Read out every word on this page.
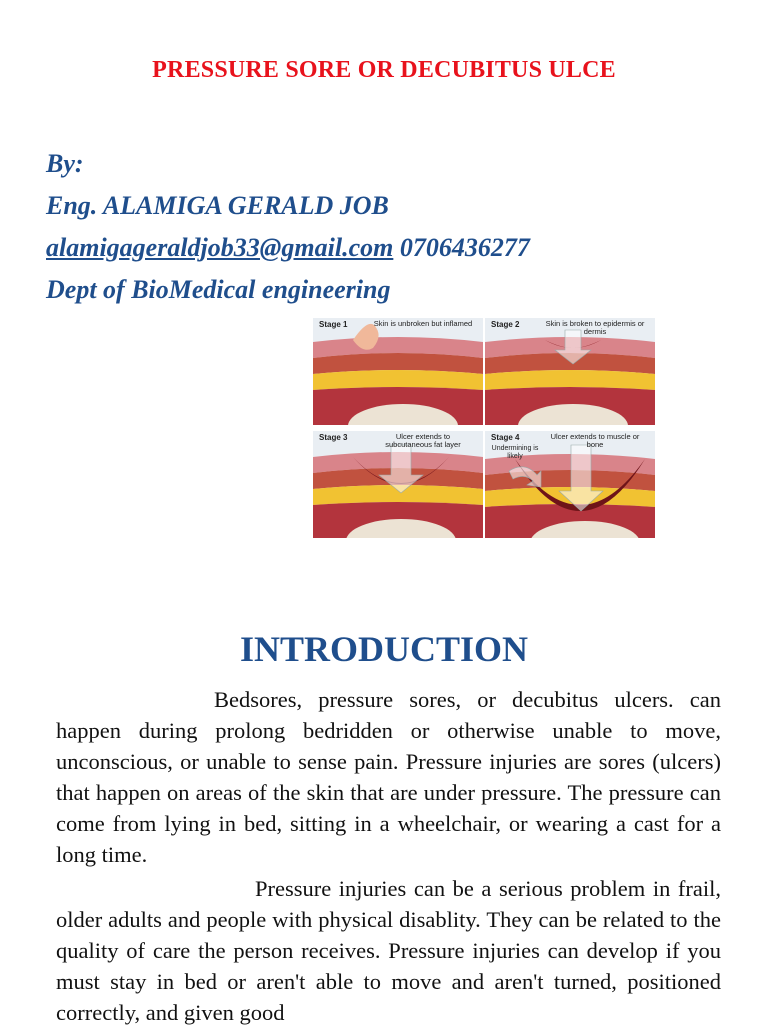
PRESSURE SORE OR DECUBITUS ULCE
By:
Eng. ALAMIGA GERALD JOB
alamigageraldjob33@gmail.com 0706436277
Dept of BioMedical engineering
Stage 1	Skin is unbroken but inflamed Stage 2	Skin is broken to epidermis or dermis
Stage 3	Ulcer extends to subcutaneous fat layer
Stage 4	Ulcer extends to muscle or bone
Undermining is likely
INTRODUCTION
Bedsores, pressure sores, or decubitus ulcers. can happen during prolong bedridden or otherwise unable to move, unconscious, or unable to sense pain. Pressure injuries are sores (ulcers) that happen on areas of the skin that are under pressure. The pressure can come from lying in bed, sitting in a wheelchair, or wearing a cast for a long time.
Pressure injuries can be a serious problem in frail, older adults and people with physical disablity. They can be related to the quality of care the person receives. Pressure injuries can develop if you must stay in bed or aren't able to move and aren't turned, positioned correctly, and given good
